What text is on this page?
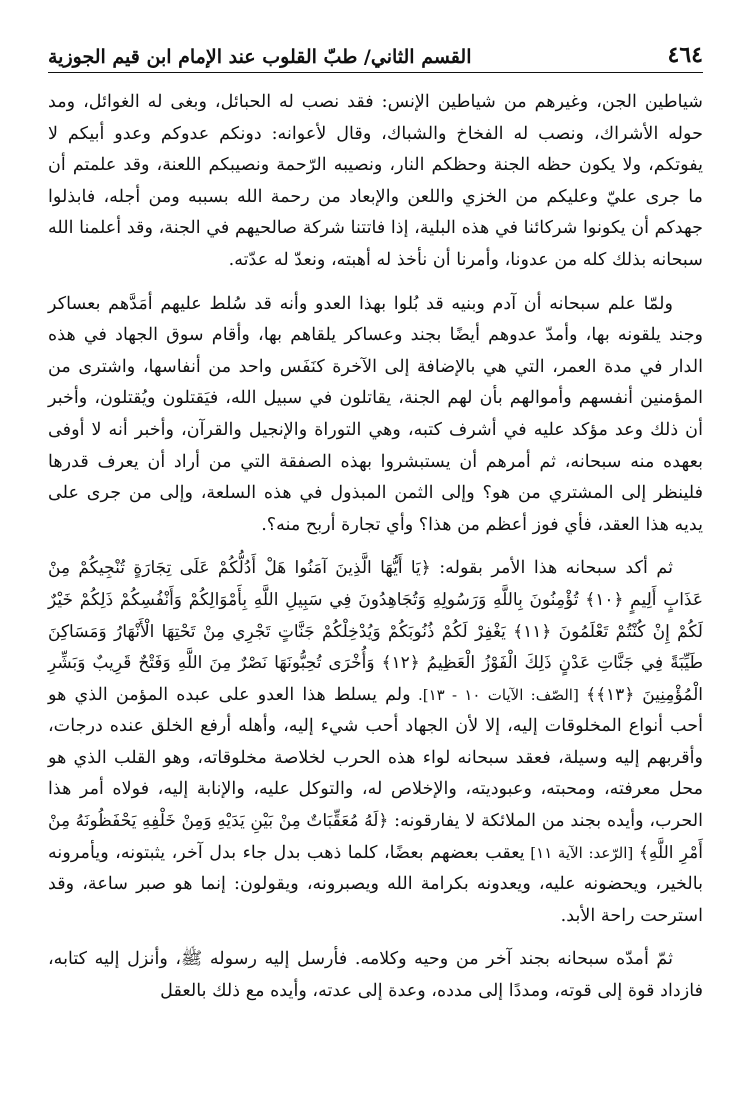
القسم الثاني/ طبّ القلوب عند الإمام ابن قيم الجوزية	٤٦٤

شياطين الجن، وغيرهم من شياطين الإنس: فقد نصب له الحبائل، وبغى له الغوائل، ومد حوله الأشراك، ونصب له الفخاخ والشباك، وقال لأعوانه: دونكم عدوكم وعدو أبيكم لا يفوتكم، ولا يكون حظه الجنة وحظكم النار، ونصيبه الرّحمة ونصيبكم اللعنة، وقد علمتم أن ما جرى عليّ وعليكم من الخزي واللعن والإبعاد من رحمة الله بسببه ومن أجله، فابذلوا جهدكم أن يكونوا شركائنا في هذه البلية، إذا فاتتنا شركة صالحيهم في الجنة، وقد أعلمنا الله سبحانه بذلك كله من عدونا، وأمرنا أن نأخذ له أهبته، ونعدّ له عدّته.

ولمّا علم سبحانه أن آدم وبنيه قد بُلوا بهذا العدو وأنه قد سُلط عليهم أمَدَّهم بعساكر وجند يلقونه بها، وأمدّ عدوهم أيضًا بجند وعساكر يلقاهم بها، وأقام سوق الجهاد في هذه الدار في مدة العمر، التي هي بالإضافة إلى الآخرة كنَفَس واحد من أنفاسها، واشترى من المؤمنين أنفسهم وأموالهم بأن لهم الجنة، يقاتلون في سبيل الله، فيَقتلون ويُقتلون، وأخبر أن ذلك وعد مؤكد عليه في أشرف كتبه، وهي التوراة والإنجيل والقرآن، وأخبر أنه لا أوفى بعهده منه سبحانه، ثم أمرهم أن يستبشروا بهذه الصفقة التي من أراد أن يعرف قدرها فلينظر إلى المشتري من هو؟ وإلى الثمن المبذول في هذه السلعة، وإلى من جرى على يديه هذا العقد، فأي فوز أعظم من هذا؟ وأي تجارة أربح منه؟.

ثم أكد سبحانه هذا الأمر بقوله: ﴿يَا أَيُّهَا الَّذِينَ آمَنُوا هَلْ أَدُلُّكُمْ عَلَى تِجَارَةٍ تُنْجِيكُمْ مِنْ عَذَابٍ أَلِيمٍ ﴿١٠﴾ تُؤْمِنُونَ بِاللَّهِ وَرَسُولِهِ وَتُجَاهِدُونَ فِي سَبِيلِ اللَّهِ بِأَمْوَالِكُمْ وَأَنْفُسِكُمْ ذَلِكُمْ خَيْرٌ لَكُمْ إِنْ كُنْتُمْ تَعْلَمُونَ ﴿١١﴾ يَغْفِرْ لَكُمْ ذُنُوبَكُمْ وَيُدْخِلْكُمْ جَنَّاتٍ تَجْرِي مِنْ تَحْتِهَا الْأَنْهَارُ وَمَسَاكِنَ طَيِّبَةً فِي جَنَّاتِ عَدْنٍ ذَلِكَ الْفَوْزُ الْعَظِيمُ ﴿١٢﴾ وَأُخْرَى تُحِبُّونَهَا نَصْرٌ مِنَ اللَّهِ وَفَتْحٌ قَرِيبٌ وَبَشِّرِ الْمُؤْمِنِينَ ﴿١٣﴾﴾ [الصّف: الآيات ١٠ - ١٣]. ولم يسلط هذا العدو على عبده المؤمن الذي هو أحب أنواع المخلوقات إليه، إلا لأن الجهاد أحب شيء إليه، وأهله أرفع الخلق عنده درجات، وأقربهم إليه وسيلة، فعقد سبحانه لواء هذه الحرب لخلاصة مخلوقاته، وهو القلب الذي هو محل معرفته، ومحبته، وعبوديته، والإخلاص له، والتوكل عليه، والإنابة إليه، فولاه أمر هذا الحرب، وأيده بجند من الملائكة لا يفارقونه: ﴿لَهُ مُعَقِّبَاتٌ مِنْ بَيْنِ يَدَيْهِ وَمِنْ خَلْفِهِ يَحْفَظُونَهُ مِنْ أَمْرِ اللَّهِ﴾ [الرّعد: الآية ١١] يعقب بعضهم بعضًا، كلما ذهب بدل جاء بدل آخر، يثبتونه، ويأمرونه بالخير، ويحضونه عليه، ويعدونه بكرامة الله ويصبرونه، ويقولون: إنما هو صبر ساعة، وقد استرحت راحة الأبد.

ثمّ أمدّه سبحانه بجند آخر من وحيه وكلامه. فأرسل إليه رسوله ﷺ، وأنزل إليه كتابه، فازداد قوة إلى قوته، ومددًا إلى مدده، وعدة إلى عدته، وأيده مع ذلك بالعقل
